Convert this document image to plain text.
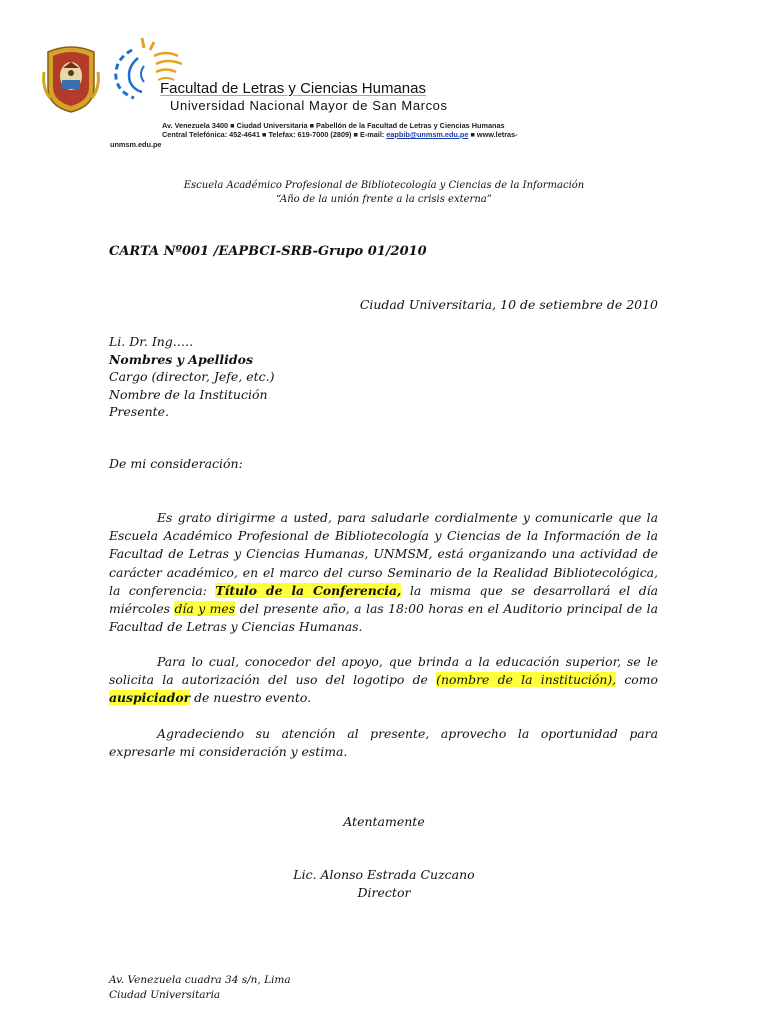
Facultad de Letras y Ciencias Humanas
Universidad Nacional Mayor de San Marcos
Av. Venezuela 3400 ■ Ciudad Universitaria ■ Pabellón de la Facultad de Letras y Ciencias Humanas
Central Telefónica: 452-4641 ■ Telefax: 619-7000 (2809) ■ E-mail: eapbib@unmsm.edu.pe ■ www.letras-
unmsm.edu.pe
Escuela Académico Profesional de Bibliotecología y Ciencias de la Información
“Año de la unión frente a la crisis externa”
CARTA Nº001 /EAPBCI-SRB-Grupo 01/2010
Ciudad Universitaria, 10 de setiembre de 2010
Li. Dr. Ing.….
Nombres y Apellidos
Cargo (director, Jefe, etc.)
Nombre de la Institución
Presente.
De mi consideración:
Es grato dirigirme a usted, para saludarle cordialmente y comunicarle que la Escuela Académico Profesional de Bibliotecología y Ciencias de la Información de la Facultad de Letras y Ciencias Humanas, UNMSM, está organizando una actividad de carácter académico, en el marco del curso Seminario de la Realidad Bibliotecológica, la conferencia: Título de la Conferencia, la misma que se desarrollará el día miércoles día y mes del presente año, a las 18:00 horas en el Auditorio principal de la Facultad de Letras y Ciencias Humanas.
Para lo cual, conocedor del apoyo, que brinda a la educación superior, se le solicita la autorización del uso del logotipo de (nombre de la institución), como auspiciador de nuestro evento.
Agradeciendo su atención al presente, aprovecho la oportunidad para expresarle mi consideración y estima.
Atentamente
Lic. Alonso Estrada Cuzcano
Director
Av. Venezuela cuadra 34 s/n, Lima
Ciudad Universitaria
